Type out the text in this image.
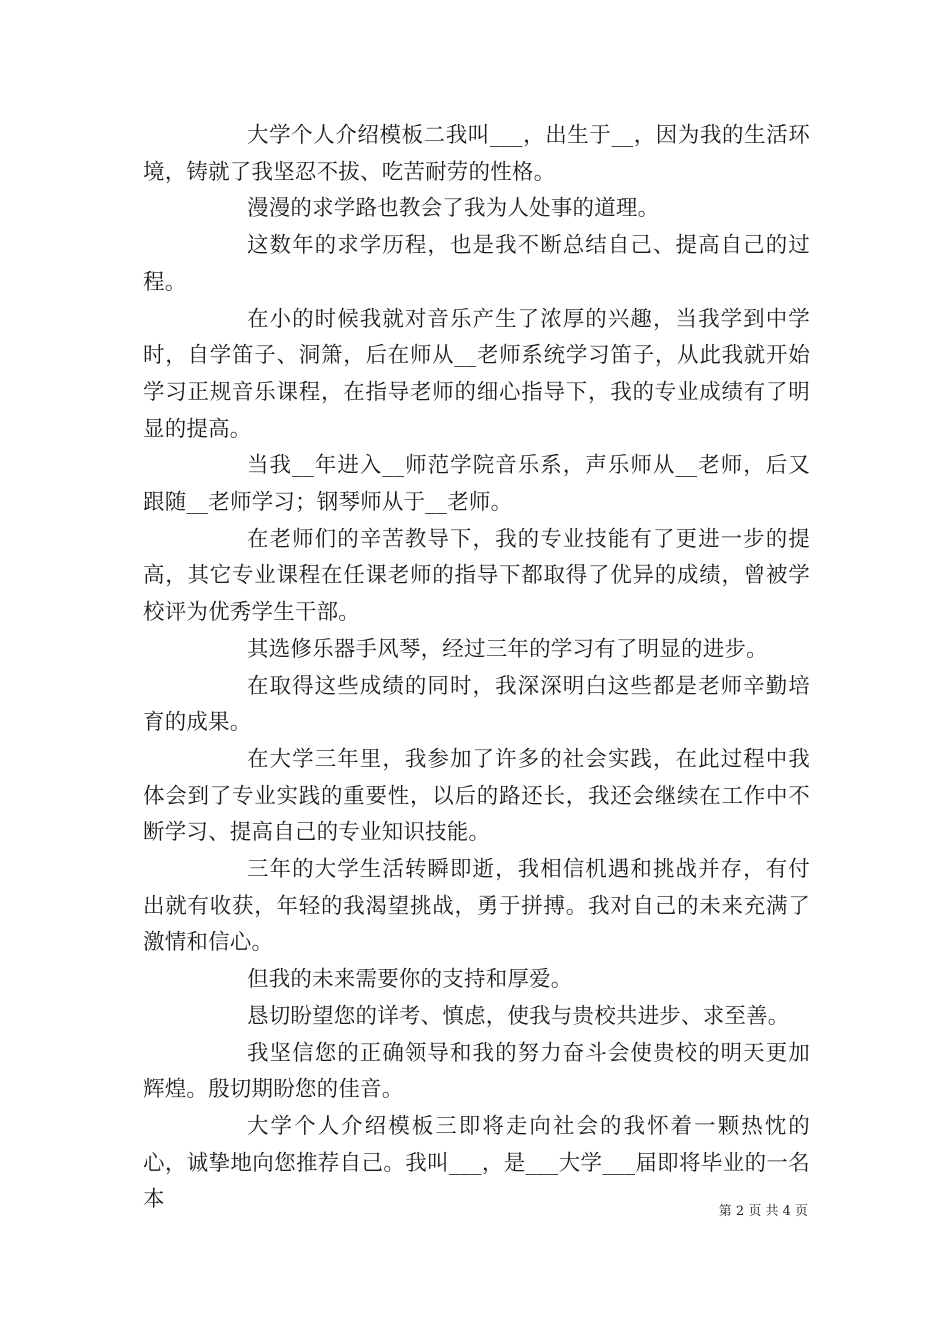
大学个人介绍模板二我叫___，出生于__，因为我的生活环境，铸就了我坚忍不拔、吃苦耐劳的性格。

漫漫的求学路也教会了我为人处事的道理。

这数年的求学历程，也是我不断总结自己、提高自己的过程。

在小的时候我就对音乐产生了浓厚的兴趣，当我学到中学时，自学笛子、洞箫，后在师从__老师系统学习笛子，从此我就开始学习正规音乐课程，在指导老师的细心指导下，我的专业成绩有了明显的提高。

当我__年进入__师范学院音乐系，声乐师从__老师，后又跟随__老师学习；钢琴师从于__老师。

在老师们的辛苦教导下，我的专业技能有了更进一步的提高，其它专业课程在任课老师的指导下都取得了优异的成绩，曾被学校评为优秀学生干部。

其选修乐器手风琴，经过三年的学习有了明显的进步。

在取得这些成绩的同时，我深深明白这些都是老师辛勤培育的成果。

在大学三年里，我参加了许多的社会实践，在此过程中我体会到了专业实践的重要性，以后的路还长，我还会继续在工作中不断学习、提高自己的专业知识技能。

三年的大学生活转瞬即逝，我相信机遇和挑战并存，有付出就有收获，年轻的我渴望挑战，勇于拼搏。我对自己的未来充满了激情和信心。

但我的未来需要你的支持和厚爱。

恳切盼望您的详考、慎虑，使我与贵校共进步、求至善。

我坚信您的正确领导和我的努力奋斗会使贵校的明天更加辉煌。殷切期盼您的佳音。

大学个人介绍模板三即将走向社会的我怀着一颗热忱的心，诚挚地向您推荐自己。我叫___，是___大学___届即将毕业的一名本	第 2 页 共 4 页
